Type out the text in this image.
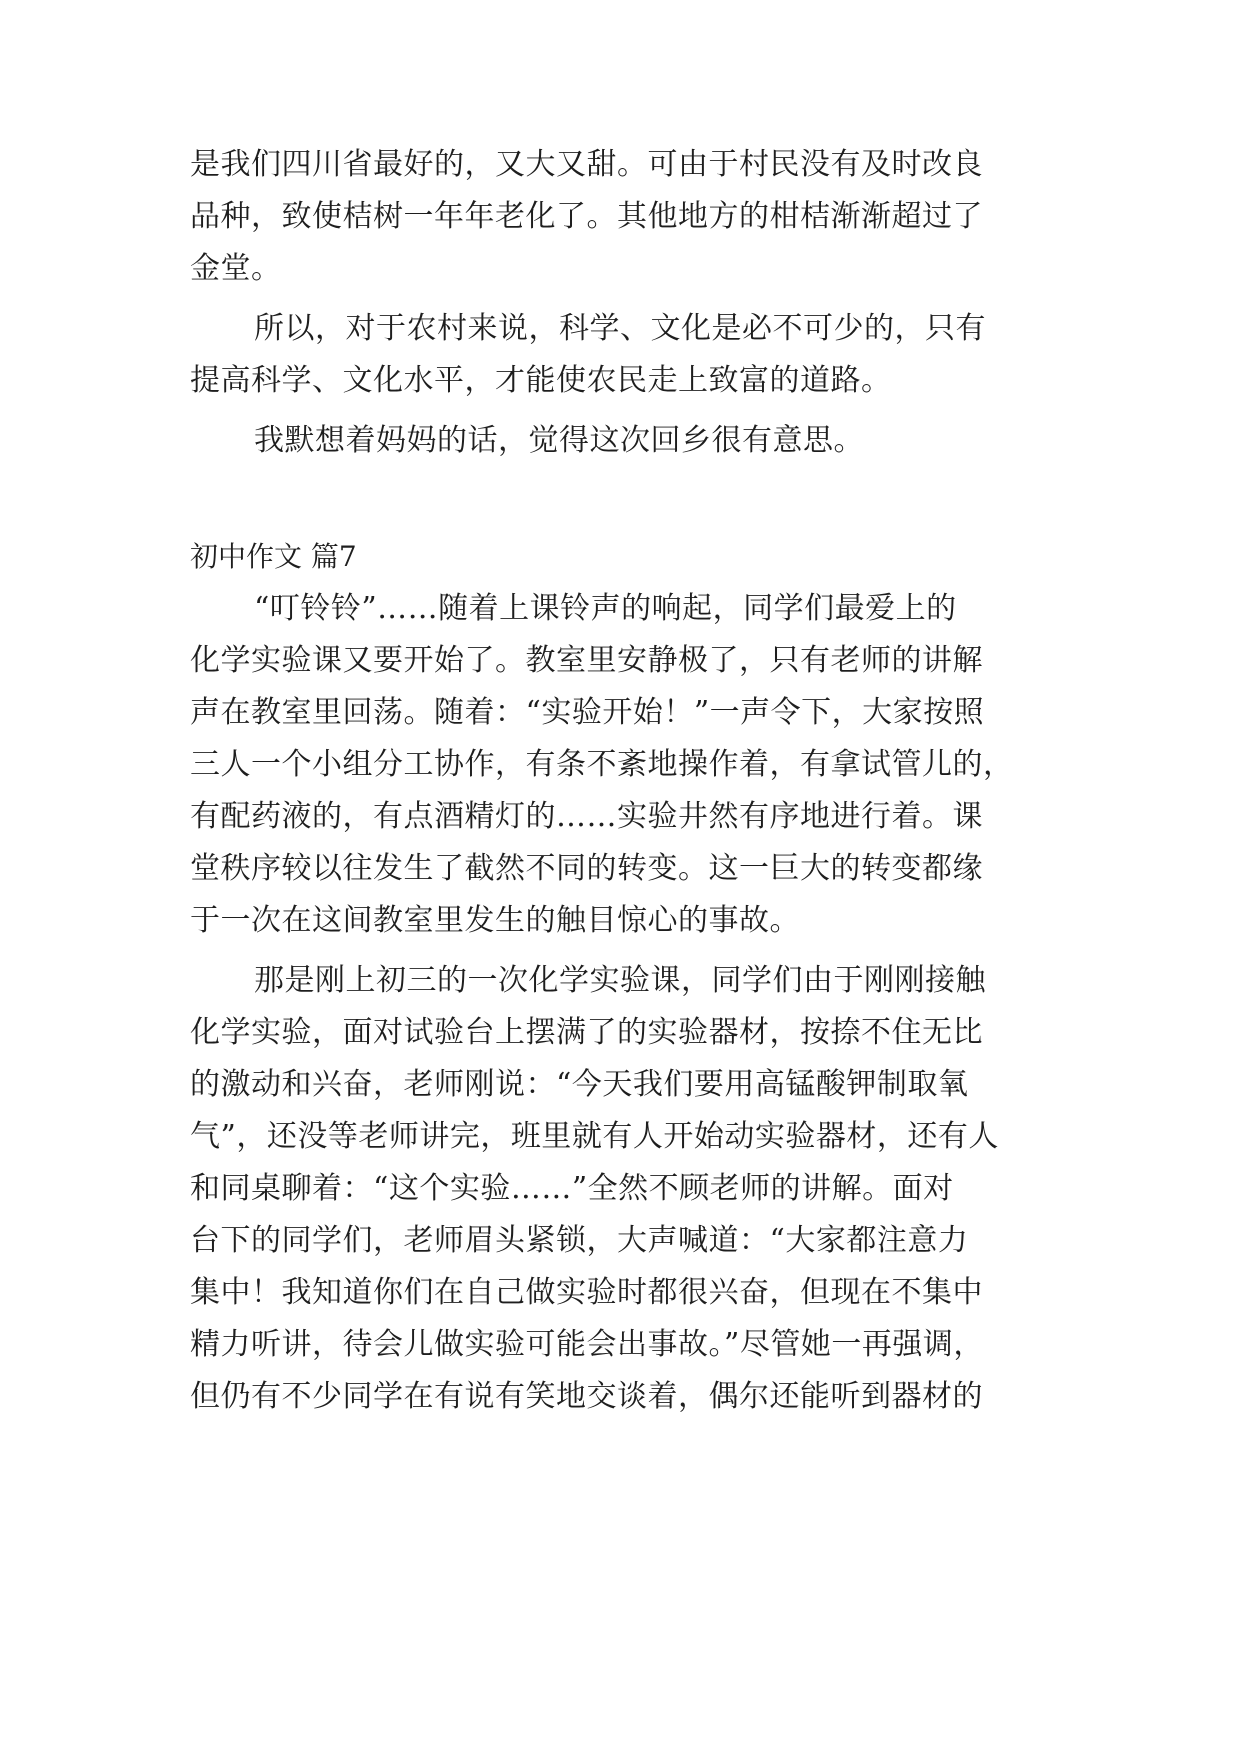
是我们四川省最好的，又大又甜。可由于村民没有及时改良
品种，致使桔树一年年老化了。其他地方的柑桔渐渐超过了
金堂。
所以，对于农村来说，科学、文化是必不可少的，只有
提高科学、文化水平，才能使农民走上致富的道路。
我默想着妈妈的话，觉得这次回乡很有意思。
初中作文 篇7
“叮铃铃”……随着上课铃声的响起，同学们最爱上的
化学实验课又要开始了。教室里安静极了，只有老师的讲解
声在教室里回荡。随着：“实验开始！”一声令下，大家按照
三人一个小组分工协作，有条不紊地操作着，有拿试管儿的，
有配药液的，有点酒精灯的……实验井然有序地进行着。课
堂秩序较以往发生了截然不同的转变。这一巨大的转变都缘
于一次在这间教室里发生的触目惊心的事故。
那是刚上初三的一次化学实验课，同学们由于刚刚接触
化学实验，面对试验台上摆满了的实验器材，按捺不住无比
的激动和兴奋，老师刚说：“今天我们要用高锰酸钾制取氧
气”，还没等老师讲完，班里就有人开始动实验器材，还有人
和同桌聊着：“这个实验……”全然不顾老师的讲解。面对
台下的同学们，老师眉头紧锁，大声喊道：“大家都注意力
集中！我知道你们在自己做实验时都很兴奋，但现在不集中
精力听讲，待会儿做实验可能会出事故。”尽管她一再强调，
但仍有不少同学在有说有笑地交谈着，偶尔还能听到器材的
